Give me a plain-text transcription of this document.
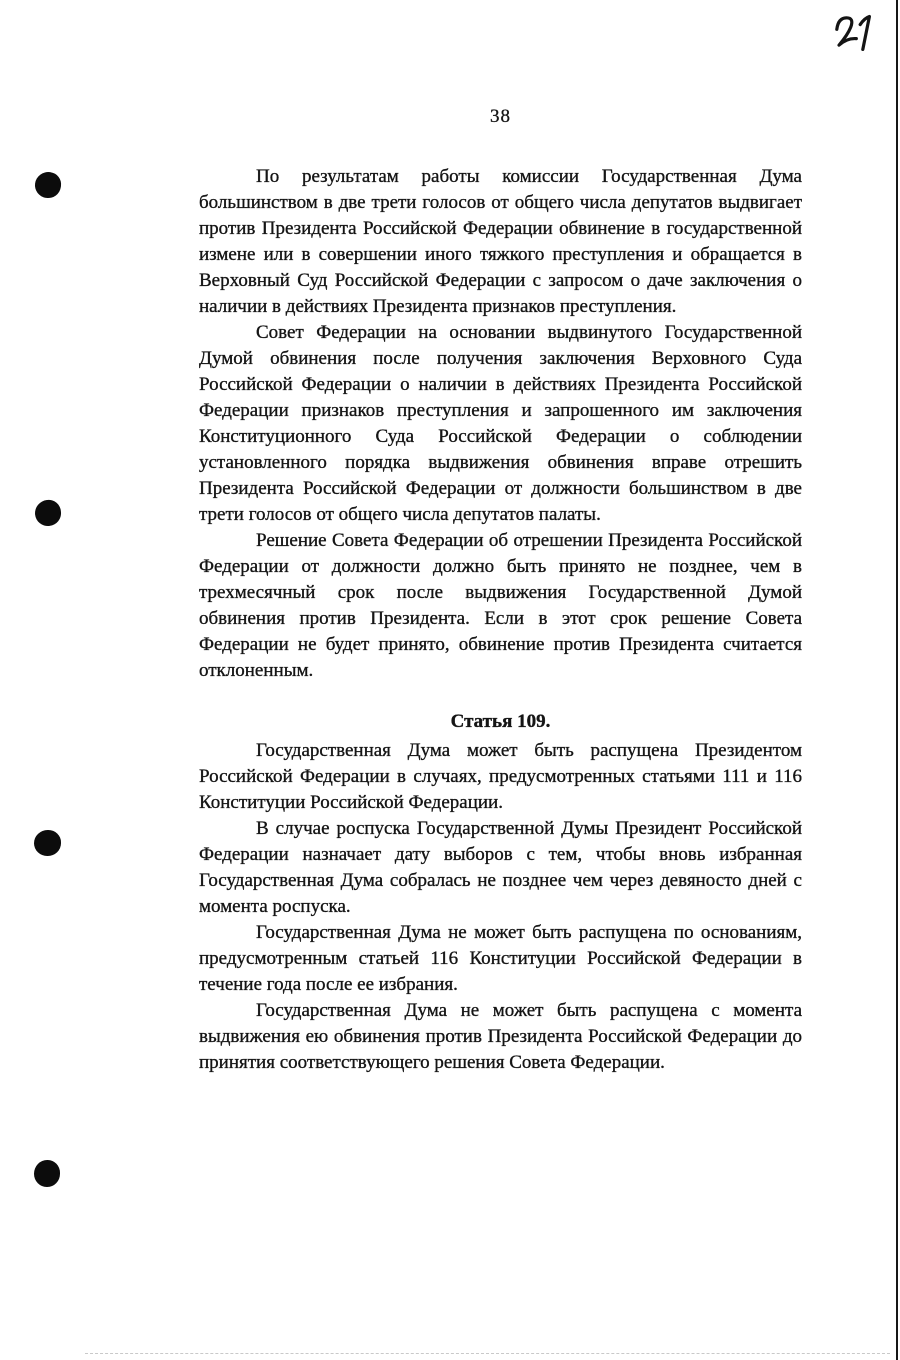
38

По результатам работы комиссии Государственная Дума большинством в две трети голосов от общего числа депутатов выдвигает против Президента Российской Федерации обвинение в государственной измене или в совершении иного тяжкого преступления и обращается в Верховный Суд Российской Федерации с запросом о даче заключения о наличии в действиях Президента признаков преступления.

Совет Федерации на основании выдвинутого Государственной Думой обвинения после получения заключения Верховного Суда Российской Федерации о наличии в действиях Президента Российской Федерации признаков преступления и запрошенного им заключения Конституционного Суда Российской Федерации о соблюдении установленного порядка выдвижения обвинения вправе отрешить Президента Российской Федерации от должности большинством в две трети голосов от общего числа депутатов палаты.

Решение Совета Федерации об отрешении Президента Российской Федерации от должности должно быть принято не позднее, чем в трехмесячный срок после выдвижения Государственной Думой обвинения против Президента. Если в этот срок решение Совета Федерации не будет принято, обвинение против Президента считается отклоненным.

Статья 109.

Государственная Дума может быть распущена Президентом Российской Федерации в случаях, предусмотренных статьями 111 и 116 Конституции Российской Федерации.

В случае роспуска Государственной Думы Президент Российской Федерации назначает дату выборов с тем, чтобы вновь избранная Государственная Дума собралась не позднее чем через девяносто дней с момента роспуска.

Государственная Дума не может быть распущена по основаниям, предусмотренным статьей 116 Конституции Российской Федерации в течение года после ее избрания.

Государственная Дума не может быть распущена с момента выдвижения ею обвинения против Президента Российской Федерации до принятия соответствующего решения Совета Федерации.
